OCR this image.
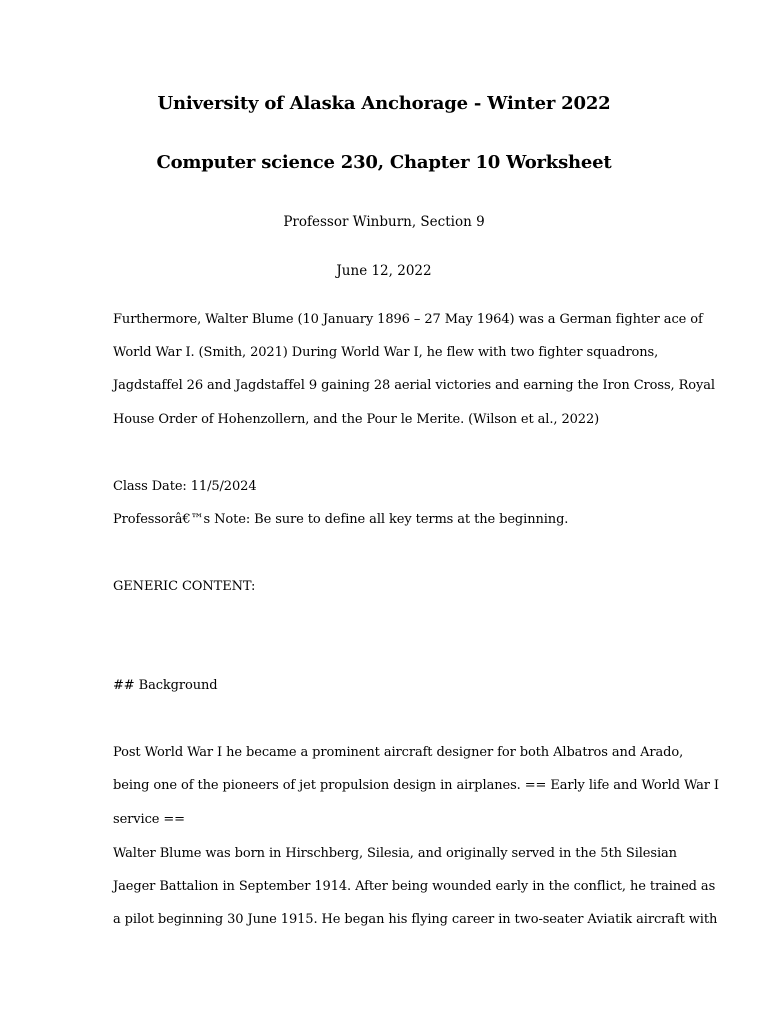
University of Alaska Anchorage - Winter 2022
Computer science 230, Chapter 10 Worksheet
Professor Winburn, Section 9
June 12, 2022
Furthermore, Walter Blume (10 January 1896 – 27 May 1964) was a German fighter ace of
World War I. (Smith, 2021) During World War I, he flew with two fighter squadrons,
Jagdstaffel 26 and Jagdstaffel 9 gaining 28 aerial victories and earning the Iron Cross, Royal
House Order of Hohenzollern, and the Pour le Merite. (Wilson et al., 2022)
Class Date: 11/5/2024
Professorâ€™s Note: Be sure to define all key terms at the beginning.
GENERIC CONTENT:
## Background
Post World War I he became a prominent aircraft designer for both Albatros and Arado,
being one of the pioneers of jet propulsion design in airplanes. == Early life and World War I
service ==
Walter Blume was born in Hirschberg, Silesia, and originally served in the 5th Silesian
Jaeger Battalion in September 1914. After being wounded early in the conflict, he trained as
a pilot beginning 30 June 1915. He began his flying career in two-seater Aviatik aircraft with
